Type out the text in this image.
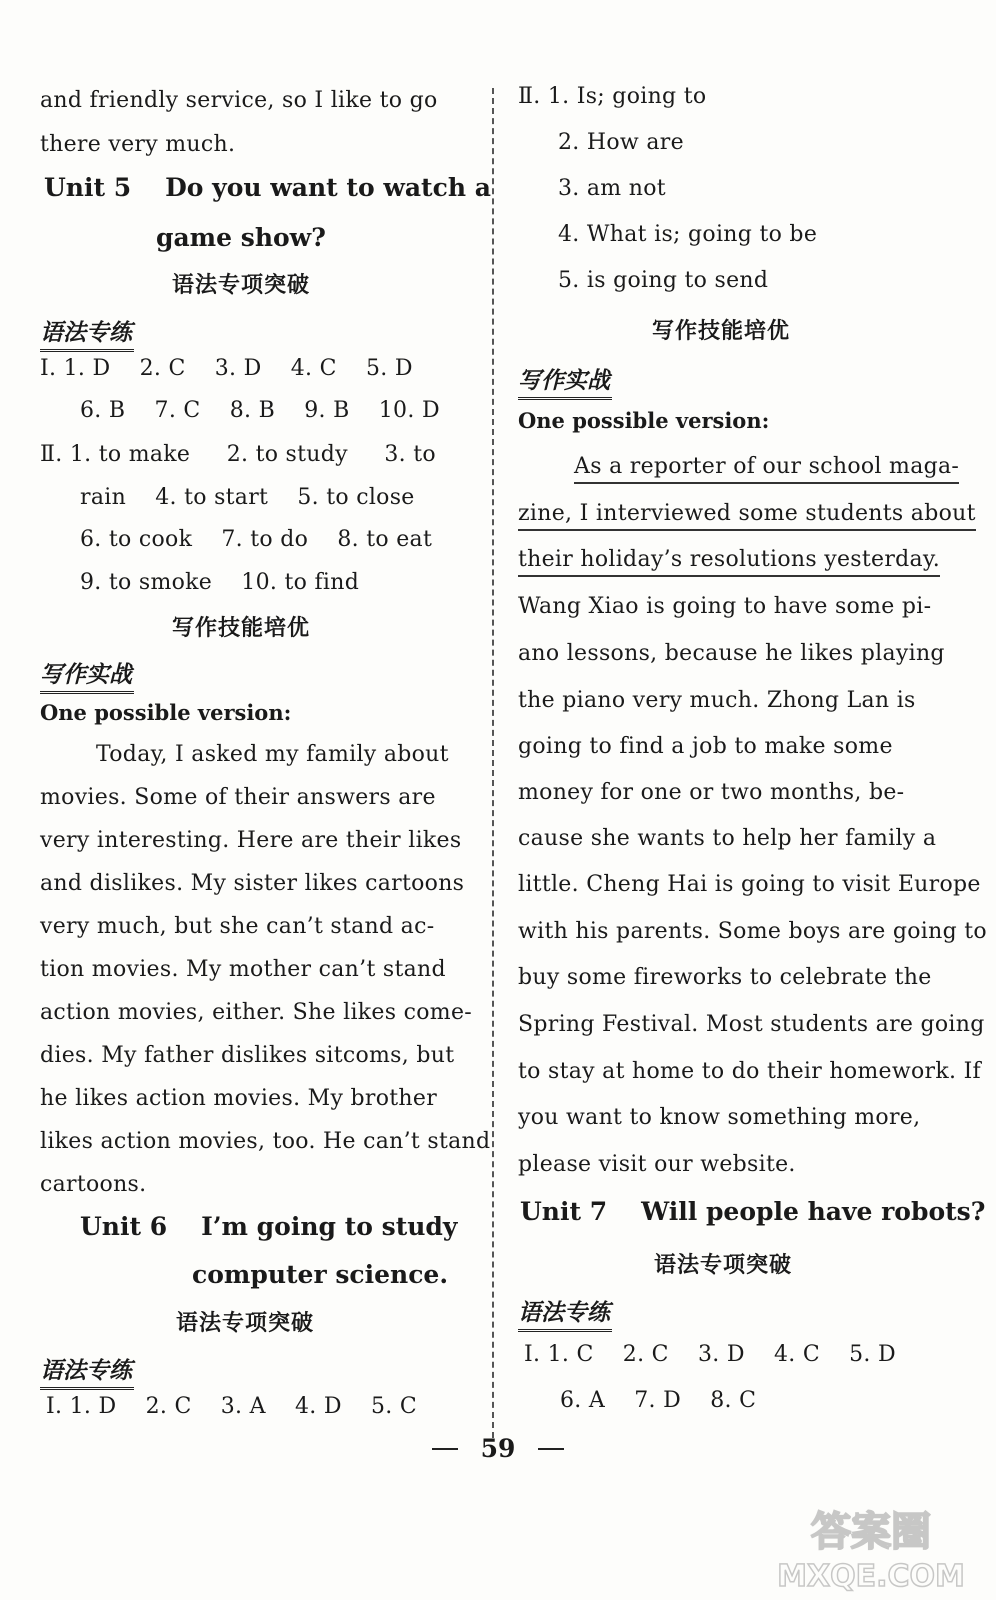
and friendly service, so I like to go
there very much.
Unit 5 Do you want to watch a
game show?
语法专项突破
语法专练
Ⅰ. 1. D    2. C    3. D    4. C    5. D
6. B    7. C    8. B    9. B    10. D
Ⅱ. 1. to make     2. to study     3. to
rain    4. to start    5. to close
6. to cook    7. to do    8. to eat
9. to smoke    10. to find
写作技能培优
写作实战
One possible version:
Today, I asked my family about
movies. Some of their answers are
very interesting. Here are their likes
and dislikes. My sister likes cartoons
very much, but she can’t stand ac-
tion movies. My mother can’t stand
action movies, either. She likes come-
dies. My father dislikes sitcoms, but
he likes action movies. My brother
likes action movies, too. He can’t stand
cartoons.
Unit 6 I’m going to study
computer science.
语法专项突破
语法专练
Ⅰ. 1. D    2. C    3. A    4. D    5. C
Ⅱ. 1. Is; going to
2. How are
3. am not
4. What is; going to be
5. is going to send
写作技能培优
写作实战
One possible version:
As a reporter of our school maga-
zine, I interviewed some students about
their holiday’s resolutions yesterday.
Wang Xiao is going to have some pi-
ano lessons, because he likes playing
the piano very much. Zhong Lan is
going to find a job to make some
money for one or two months, be-
cause she wants to help her family a
little. Cheng Hai is going to visit Europe
with his parents. Some boys are going to
buy some fireworks to celebrate the
Spring Festival. Most students are going
to stay at home to do their homework. If
you want to know something more,
please visit our website.
Unit 7 Will people have robots?
语法专项突破
语法专练
Ⅰ. 1. C    2. C    3. D    4. C    5. D
6. A    7. D    8. C
59
答案圈
MXQE.COM
